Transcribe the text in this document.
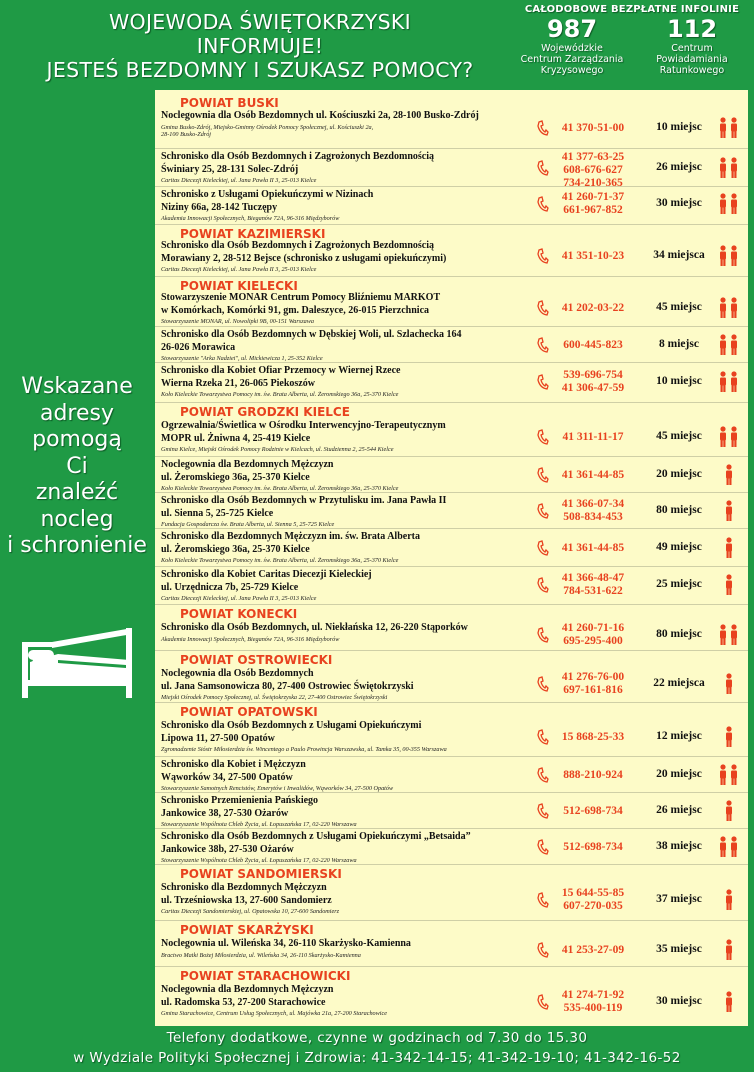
WOJEWODA ŚWIĘTOKRZYSKI
INFORMUJE!
JESTEŚ BEZDOMNY I SZUKASZ POMOCY?
CAŁODOBOWE BEZPŁATNE INFOLINIE
987
Wojewódzkie
Centrum Zarządzania
Kryzysowego
112
Centrum
Powiadamiania
Ratunkowego
Wskazane
adresy
pomogą
Ci
znaleźć
nocleg
i schronienie
POWIAT BUSKI
Noclegownia dla Osób Bezdomnych ul. Kościuszki 2a, 28-100 Busko-Zdrój
Gmina Busko-Zdrój, Miejsko-Gminny Ośrodek Pomocy Społecznej, ul. Kościuszki 2a,
28-100 Busko-Zdrój
41 370-51-00	10 miejsc
Schronisko dla Osób Bezdomnych i Zagrożonych Bezdomnością
Świniary 25, 28-131 Solec-Zdrój
Caritas Diecezji Kieleckiej, ul. Jana Pawła II 3, 25-013 Kielce
41 377-63-25
608-676-627
734-210-365
26 miejsc
Schronisko z Usługami Opiekuńczymi w Nizinach
Niziny 66a, 28-142 Tuczępy
Akademia Innowacji Społecznych, Bieganów 72A, 96-316 Międzyborów
41 260-71-37
661-967-852
30 miejsc
POWIAT KAZIMIERSKI
Schronisko dla Osób Bezdomnych i Zagrożonych Bezdomnością
Morawiany 2, 28-512 Bejsce (schronisko z usługami opiekuńczymi)
Caritas Diecezji Kieleckiej, ul. Jana Pawła II 3, 25-013 Kielce
41 351-10-23	34 miejsca
POWIAT KIELECKI
Stowarzyszenie MONAR Centrum Pomocy Bliźniemu MARKOT
w Komórkach, Komórki 91, gm. Daleszyce, 26-015 Pierzchnica
Stowarzyszenie MONAR, ul. Nowolipki 9B, 00-151 Warszawa
41 202-03-22	45 miejsc
Schronisko dla Osób Bezdomnych w Dębskiej Woli, ul. Szlachecka 164
26-026 Morawica
Stowarzyszenie "Arka Nadziei", ul. Mickiewicza 1, 25-352 Kielce
600-445-823	8 miejsc
Schronisko dla Kobiet Ofiar Przemocy w Wiernej Rzece
Wierna Rzeka 21, 26-065 Piekoszów
Koło Kieleckie Towarzystwa Pomocy im. św. Brata Alberta, ul. Żeromskiego 36a, 25-370 Kielce
539-696-754
41 306-47-59
10 miejsc
POWIAT GRODZKI KIELCE
Ogrzewalnia/Świetlica w Ośrodku Interwencyjno-Terapeutycznym
MOPR ul. Żniwna 4, 25-419 Kielce
Gmina Kielce, Miejski Ośrodek Pomocy Rodzinie w Kielcach, ul. Studzienna 2, 25-544 Kielce
41 311-11-17	45 miejsc
Noclegownia dla Bezdomnych Mężczyzn
ul. Żeromskiego 36a, 25-370 Kielce
Koło Kieleckie Towarzystwa Pomocy im. św. Brata Alberta, ul. Żeromskiego 36a, 25-370 Kielce
41 361-44-85	20 miejsc
Schronisko dla Osób Bezdomnych w Przytulisku im. Jana Pawła II
ul. Sienna 5, 25-725 Kielce
Fundacja Gospodarcza św. Brata Alberta, ul. Sienna 5, 25-725 Kielce
41 366-07-34
508-834-453
80 miejsc
Schronisko dla Bezdomnych Mężczyzn im. św. Brata Alberta
ul. Żeromskiego 36a, 25-370 Kielce
Koło Kieleckie Towarzystwa Pomocy im. św. Brata Alberta, ul. Żeromskiego 36a, 25-370 Kielce
41 361-44-85	49 miejsc
Schronisko dla Kobiet Caritas Diecezji Kieleckiej
ul. Urzędnicza 7b, 25-729 Kielce
Caritas Diecezji Kieleckiej, ul. Jana Pawła II 3, 25-013 Kielce
41 366-48-47
784-531-622
25 miejsc
POWIAT KONECKI
Schronisko dla Osób Bezdomnych, ul. Niekłańska 12, 26-220 Stąporków
Akademia Innowacji Społecznych, Bieganów 72A, 96-316 Międzyborów
41 260-71-16
695-295-400
80 miejsc
POWIAT OSTROWIECKI
Noclegownia dla Osób Bezdomnych
ul. Jana Samsonowicza 80, 27-400 Ostrowiec Świętokrzyski
Miejski Ośrodek Pomocy Społecznej, ul. Świętokrzyska 22, 27-400 Ostrowiec Świętokrzyski
41 276-76-00
697-161-816
22 miejsca
POWIAT OPATOWSKI
Schronisko dla Osób Bezdomnych z Usługami Opiekuńczymi
Lipowa 11, 27-500 Opatów
Zgromadzenie Sióstr Miłosierdzia św. Wincentego a Paulo Prowincja Warszawska, ul. Tamka 35, 00-355 Warszawa
15 868-25-33	12 miejsc
Schronisko dla Kobiet i Mężczyzn
Wąworków 34, 27-500 Opatów
Stowarzyszenie Samotnych Rencistów, Emerytów i Inwalidów, Wąworków 34, 27-500 Opatów
888-210-924	20 miejsc
Schronisko Przemienienia Pańskiego
Jankowice 38, 27-530 Ożarów
Stowarzyszenie Wspólnota Chleb Życia, ul. Łopuszańska 17, 02-220 Warszawa
512-698-734	26 miejsc
Schronisko dla Osób Bezdomnych z Usługami Opiekuńczymi „Betsaida”
Jankowice 38b, 27-530 Ożarów
Stowarzyszenie Wspólnota Chleb Życia, ul. Łopuszańska 17, 02-220 Warszawa
512-698-734	38 miejsc
POWIAT SANDOMIERSKI
Schronisko dla Bezdomnych Mężczyzn
ul. Trześniowska 13, 27-600 Sandomierz
Caritas Diecezji Sandomierskiej, ul. Opatowska 10, 27-600 Sandomierz
15 644-55-85
607-270-035
37 miejsc
POWIAT SKARŻYSKI
Noclegownia ul. Wileńska 34, 26-110 Skarżysko-Kamienna
Bractwo Matki Bożej Miłosierdzia, ul. Wileńska 34, 26-110 Skarżysko-Kamienna	41 253-27-09	35 miejsc
POWIAT STARACHOWICKI
Noclegownia dla Bezdomnych Mężczyzn
ul. Radomska 53, 27-200 Starachowice
Gmina Starachowice, Centrum Usług Społecznych, ul. Majówka 21a, 27-200 Starachowice
41 274-71-92
535-400-119
30 miejsc
Telefony dodatkowe, czynne w godzinach od 7.30 do 15.30
w Wydziale Polityki Społecznej i Zdrowia: 41-342-14-15; 41-342-19-10; 41-342-16-52
